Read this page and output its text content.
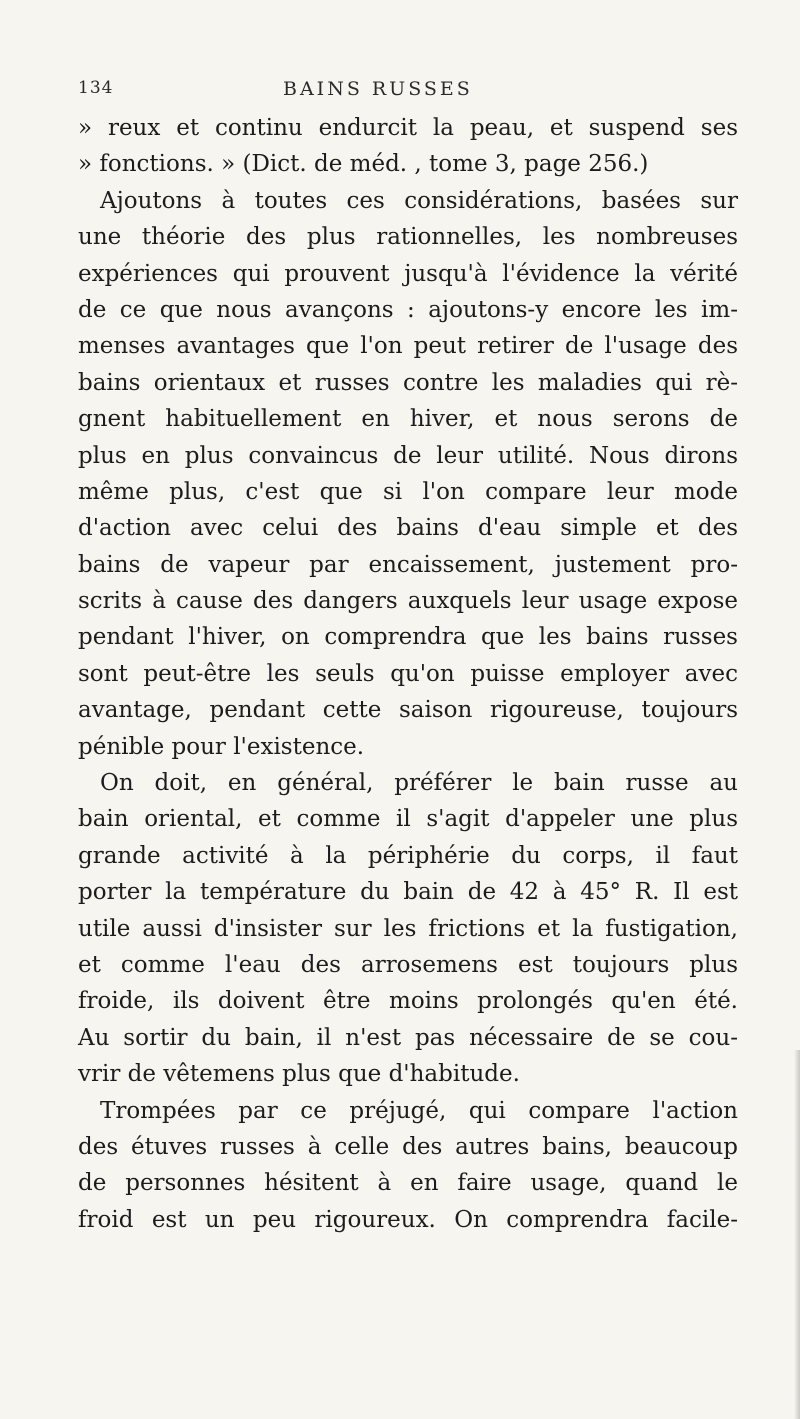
134	BAINS RUSSES
» reux et continu endurcit la peau, et suspend ses
» fonctions. » (Dict. de méd. , tome 3, page 256.)
Ajoutons à toutes ces considérations, basées sur
une théorie des plus rationnelles, les nombreuses
expériences qui prouvent jusqu'à l'évidence la vérité
de ce que nous avançons : ajoutons-y encore les im-
menses avantages que l'on peut retirer de l'usage des
bains orientaux et russes contre les maladies qui rè-
gnent habituellement en hiver, et nous serons de
plus en plus convaincus de leur utilité. Nous dirons
même plus, c'est que si l'on compare leur mode
d'action avec celui des bains d'eau simple et des
bains de vapeur par encaissement, justement pro-
scrits à cause des dangers auxquels leur usage expose
pendant l'hiver, on comprendra que les bains russes
sont peut-être les seuls qu'on puisse employer avec
avantage, pendant cette saison rigoureuse, toujours
pénible pour l'existence.
On doit, en général, préférer le bain russe au
bain oriental, et comme il s'agit d'appeler une plus
grande activité à la périphérie du corps, il faut
porter la température du bain de 42 à 45° R. Il est
utile aussi d'insister sur les frictions et la fustigation,
et comme l'eau des arrosemens est toujours plus
froide, ils doivent être moins prolongés qu'en été.
Au sortir du bain, il n'est pas nécessaire de se cou-
vrir de vêtemens plus que d'habitude.
Trompées par ce préjugé, qui compare l'action
des étuves russes à celle des autres bains, beaucoup
de personnes hésitent à en faire usage, quand le
froid est un peu rigoureux. On comprendra facile-
